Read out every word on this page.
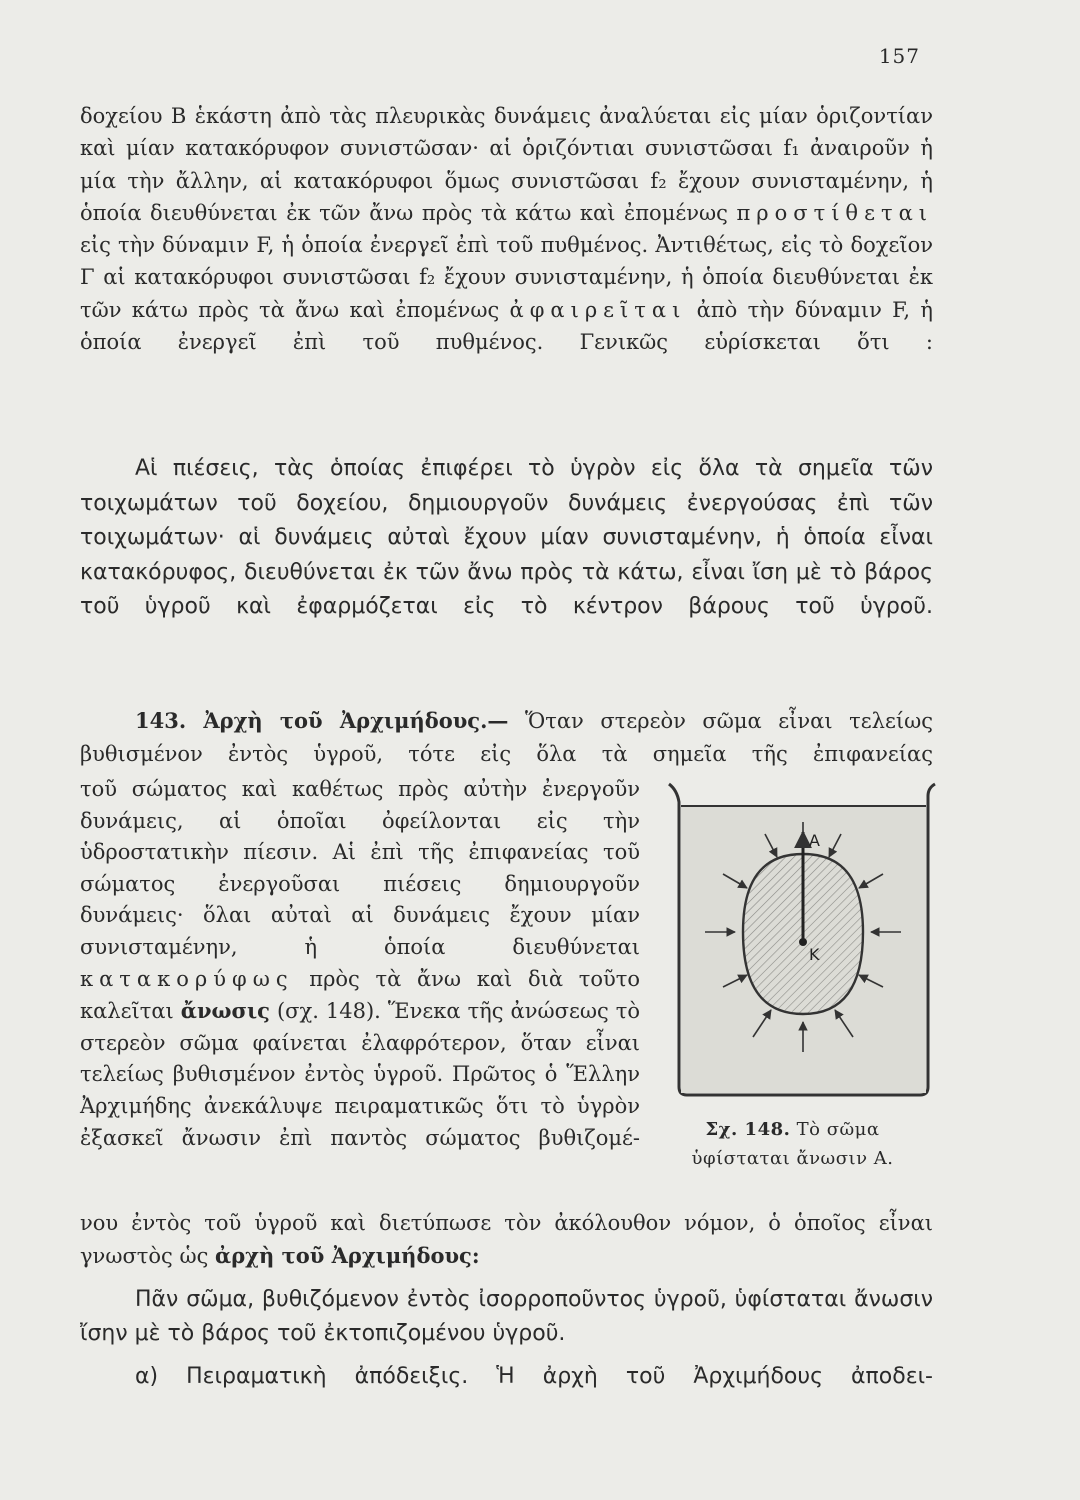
157

δοχείου Β ἑκάστη ἀπὸ τὰς πλευρικὰς δυνάμεις ἀναλύεται εἰς μίαν ὁριζοντίαν καὶ μίαν κατακόρυφον συνιστῶσαν· αἱ ὁριζόντιαι συνιστῶσαι f₁ ἀναιροῦν ἡ μία τὴν ἄλλην, αἱ κατακόρυφοι ὅμως συνιστῶσαι f₂ ἔχουν συνισταμένην, ἡ ὁποία διευθύνεται ἐκ τῶν ἄνω πρὸς τὰ κάτω καὶ ἐπομένως προστίθεται εἰς τὴν δύναμιν F, ἡ ὁποία ἐνεργεῖ ἐπὶ τοῦ πυθμένος. Ἀντιθέτως, εἰς τὸ δοχεῖον Γ αἱ κατακόρυφοι συνιστῶσαι f₂ ἔχουν συνισταμένην, ἡ ὁποία διευθύνεται ἐκ τῶν κάτω πρὸς τὰ ἄνω καὶ ἐπομένως ἀφαιρεῖται ἀπὸ τὴν δύναμιν F, ἡ ὁποία ἐνεργεῖ ἐπὶ τοῦ πυθμένος. Γενικῶς εὑρίσκεται ὅτι :

Αἱ πιέσεις, τὰς ὁποίας ἐπιφέρει τὸ ὑγρὸν εἰς ὅλα τὰ σημεῖα τῶν τοιχωμάτων τοῦ δοχείου, δημιουργοῦν δυνάμεις ἐνεργούσας ἐπὶ τῶν τοιχωμάτων· αἱ δυνάμεις αὐταὶ ἔχουν μίαν συνισταμένην, ἡ ὁποία εἶναι κατακόρυφος, διευθύνεται ἐκ τῶν ἄνω πρὸς τὰ κάτω, εἶναι ἴση μὲ τὸ βάρος τοῦ ὑγροῦ καὶ ἐφαρμόζεται εἰς τὸ κέντρον βάρους τοῦ ὑγροῦ.

143. Ἀρχὴ τοῦ Ἀρχιμήδους.— Ὅταν στερεὸν σῶμα εἶναι τελείως βυθισμένον ἐντὸς ὑγροῦ, τότε εἰς ὅλα τὰ σημεῖα τῆς ἐπιφανείας

τοῦ σώματος καὶ καθέτως πρὸς αὐτὴν ἐνεργοῦν δυνάμεις, αἱ ὁποῖαι ὀφείλονται εἰς τὴν ὑδροστατικὴν πίεσιν. Αἱ ἐπὶ τῆς ἐπιφανείας τοῦ σώματος ἐνεργοῦσαι πιέσεις δημιουργοῦν δυνάμεις· ὅλαι αὐταὶ αἱ δυνάμεις ἔχουν μίαν συνισταμένην, ἡ ὁποία διευθύνεται κατακορύφως πρὸς τὰ ἄνω καὶ διὰ τοῦτο καλεῖται ἄνωσις (σχ. 148). Ἕνεκα τῆς ἀνώσεως τὸ στερεὸν σῶμα φαίνεται ἐλαφρότερον, ὅταν εἶναι τελείως βυθισμένον ἐντὸς ὑγροῦ. Πρῶτος ὁ Ἕλλην Ἀρχιμήδης ἀνεκάλυψε πειραματικῶς ὅτι τὸ ὑγρὸν ἐξασκεῖ ἄνωσιν ἐπὶ παντὸς σώματος βυθιζομέ-

νου ἐντὸς τοῦ ὑγροῦ καὶ διετύπωσε τὸν ἀκόλουθον νόμον, ὁ ὁποῖος εἶναι γνωστὸς ὡς ἀρχὴ τοῦ Ἀρχιμήδους:

Πᾶν σῶμα, βυθιζόμενον ἐντὸς ἰσορροποῦντος ὑγροῦ, ὑφίσταται ἄνωσιν ἴσην μὲ τὸ βάρος τοῦ ἐκτοπιζομένου ὑγροῦ.

α) Πειραματικὴ ἀπόδειξις. Ἡ ἀρχὴ τοῦ Ἀρχιμήδους ἀποδει-

A
K
Σχ. 148. Τὸ σῶμα ὑφίσταται ἄνωσιν Α.
